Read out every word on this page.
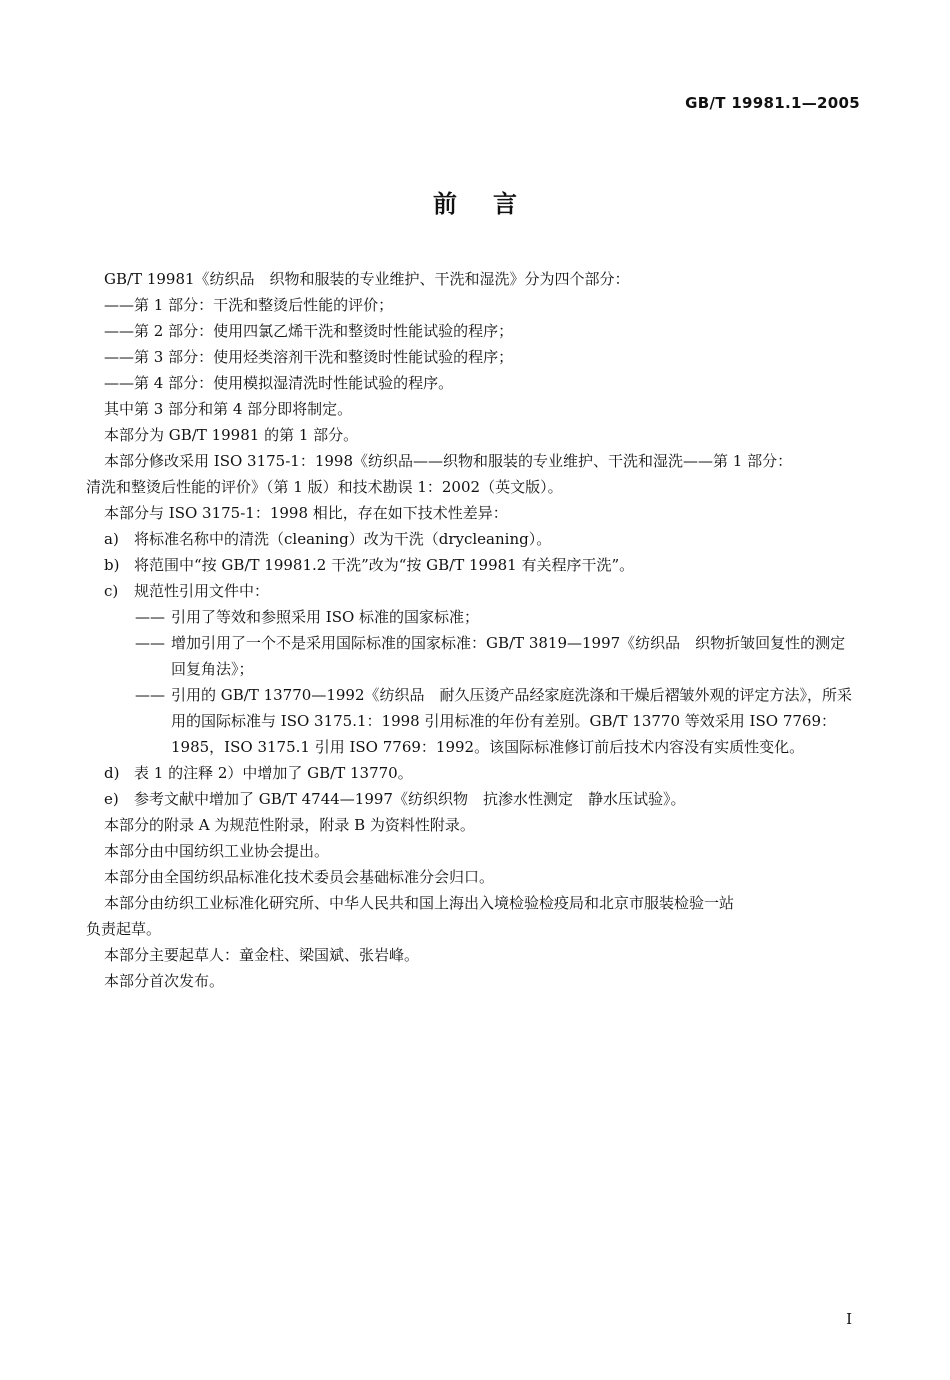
GB/T 19981.1—2005
前言

GB/T 19981《纺织品　织物和服装的专业维护、干洗和湿洗》分为四个部分：

——第 1 部分：干洗和整烫后性能的评价；

——第 2 部分：使用四氯乙烯干洗和整烫时性能试验的程序；

——第 3 部分：使用烃类溶剂干洗和整烫时性能试验的程序；

——第 4 部分：使用模拟湿清洗时性能试验的程序。

其中第 3 部分和第 4 部分即将制定。

本部分为 GB/T 19981 的第 1 部分。

本部分修改采用 ISO 3175-1：1998《纺织品——织物和服装的专业维护、干洗和湿洗——第 1 部分：

清洗和整烫后性能的评价》（第 1 版）和技术勘误 1：2002（英文版）。

本部分与 ISO 3175-1：1998 相比，存在如下技术性差异：

a)	将标准名称中的清洗（cleaning）改为干洗（drycleaning）。
b) 将范围中“按 GB/T 19981.2 干洗”改为“按 GB/T 19981 有关程序干洗”。
c)	规范性引用文件中：
—— 引用了等效和参照采用 ISO 标准的国家标准；
—— 增加引用了一个不是采用国际标准的国家标准：GB/T 3819—1997《纺织品　织物折皱回复性的测定　回复角法》；
—— 引用的 GB/T 13770—1992《纺织品　耐久压烫产品经家庭洗涤和干燥后褶皱外观的评定方法》，所采用的国际标准与 ISO 3175.1：1998 引用标准的年份有差别。GB/T 13770 等效采用 ISO 7769：1985，ISO 3175.1 引用 ISO 7769：1992。该国际标准修订前后技术内容没有实质性变化。
d) 表 1 的注释 2）中增加了 GB/T 13770。
e)	参考文献中增加了 GB/T 4744—1997《纺织织物　抗渗水性测定　静水压试验》。

本部分的附录 A 为规范性附录，附录 B 为资料性附录。

本部分由中国纺织工业协会提出。

本部分由全国纺织品标准化技术委员会基础标准分会归口。

本部分由纺织工业标准化研究所、中华人民共和国上海出入境检验检疫局和北京市服装检验一站

负责起草。

本部分主要起草人：童金柱、梁国斌、张岩峰。

本部分首次发布。

Ⅰ
